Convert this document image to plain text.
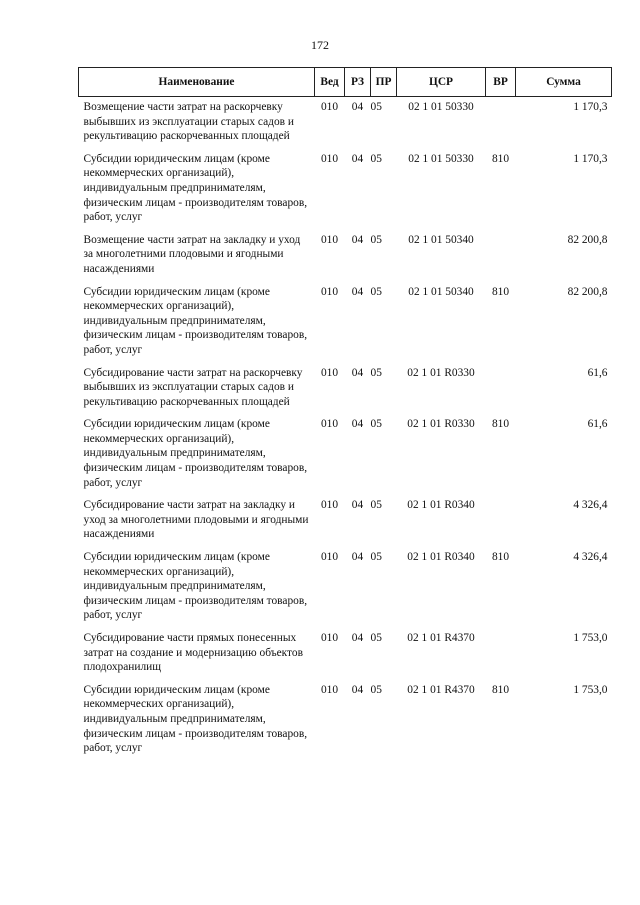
172
Наименование	Вед	РЗ	ПР	ЦСР	ВР	Сумма
Возмещение части затрат на раскорчевку выбывших из эксплуатации старых садов и рекультивацию раскорчеванных площадей	010	04	05	02 1 01 50330		1 170,3
Субсидии юридическим лицам (кроме некоммерческих организаций), индивидуальным предпринимателям, физическим лицам - производителям товаров, работ, услуг	010	04	05	02 1 01 50330	810	1 170,3
Возмещение части затрат на закладку и уход за многолетними плодовыми и ягодными насаждениями	010	04	05	02 1 01 50340		82 200,8
Субсидии юридическим лицам (кроме некоммерческих организаций), индивидуальным предпринимателям, физическим лицам - производителям товаров, работ, услуг	010	04	05	02 1 01 50340	810	82 200,8
Субсидирование части затрат на раскорчевку выбывших из эксплуатации старых садов и рекультивацию раскорчеванных площадей	010	04	05	02 1 01 R0330		61,6
Субсидии юридическим лицам (кроме некоммерческих организаций), индивидуальным предпринимателям, физическим лицам - производителям товаров, работ, услуг	010	04	05	02 1 01 R0330	810	61,6
Субсидирование части затрат на закладку и уход за многолетними плодовыми и ягодными насаждениями	010	04	05	02 1 01 R0340		4 326,4
Субсидии юридическим лицам (кроме некоммерческих организаций), индивидуальным предпринимателям, физическим лицам - производителям товаров, работ, услуг	010	04	05	02 1 01 R0340	810	4 326,4
Субсидирование части прямых понесенных затрат на создание и модернизацию объектов плодохранилищ	010	04	05	02 1 01 R4370		1 753,0
Субсидии юридическим лицам (кроме некоммерческих организаций), индивидуальным предпринимателям, физическим лицам - производителям товаров, работ, услуг	010	04	05	02 1 01 R4370	810	1 753,0
